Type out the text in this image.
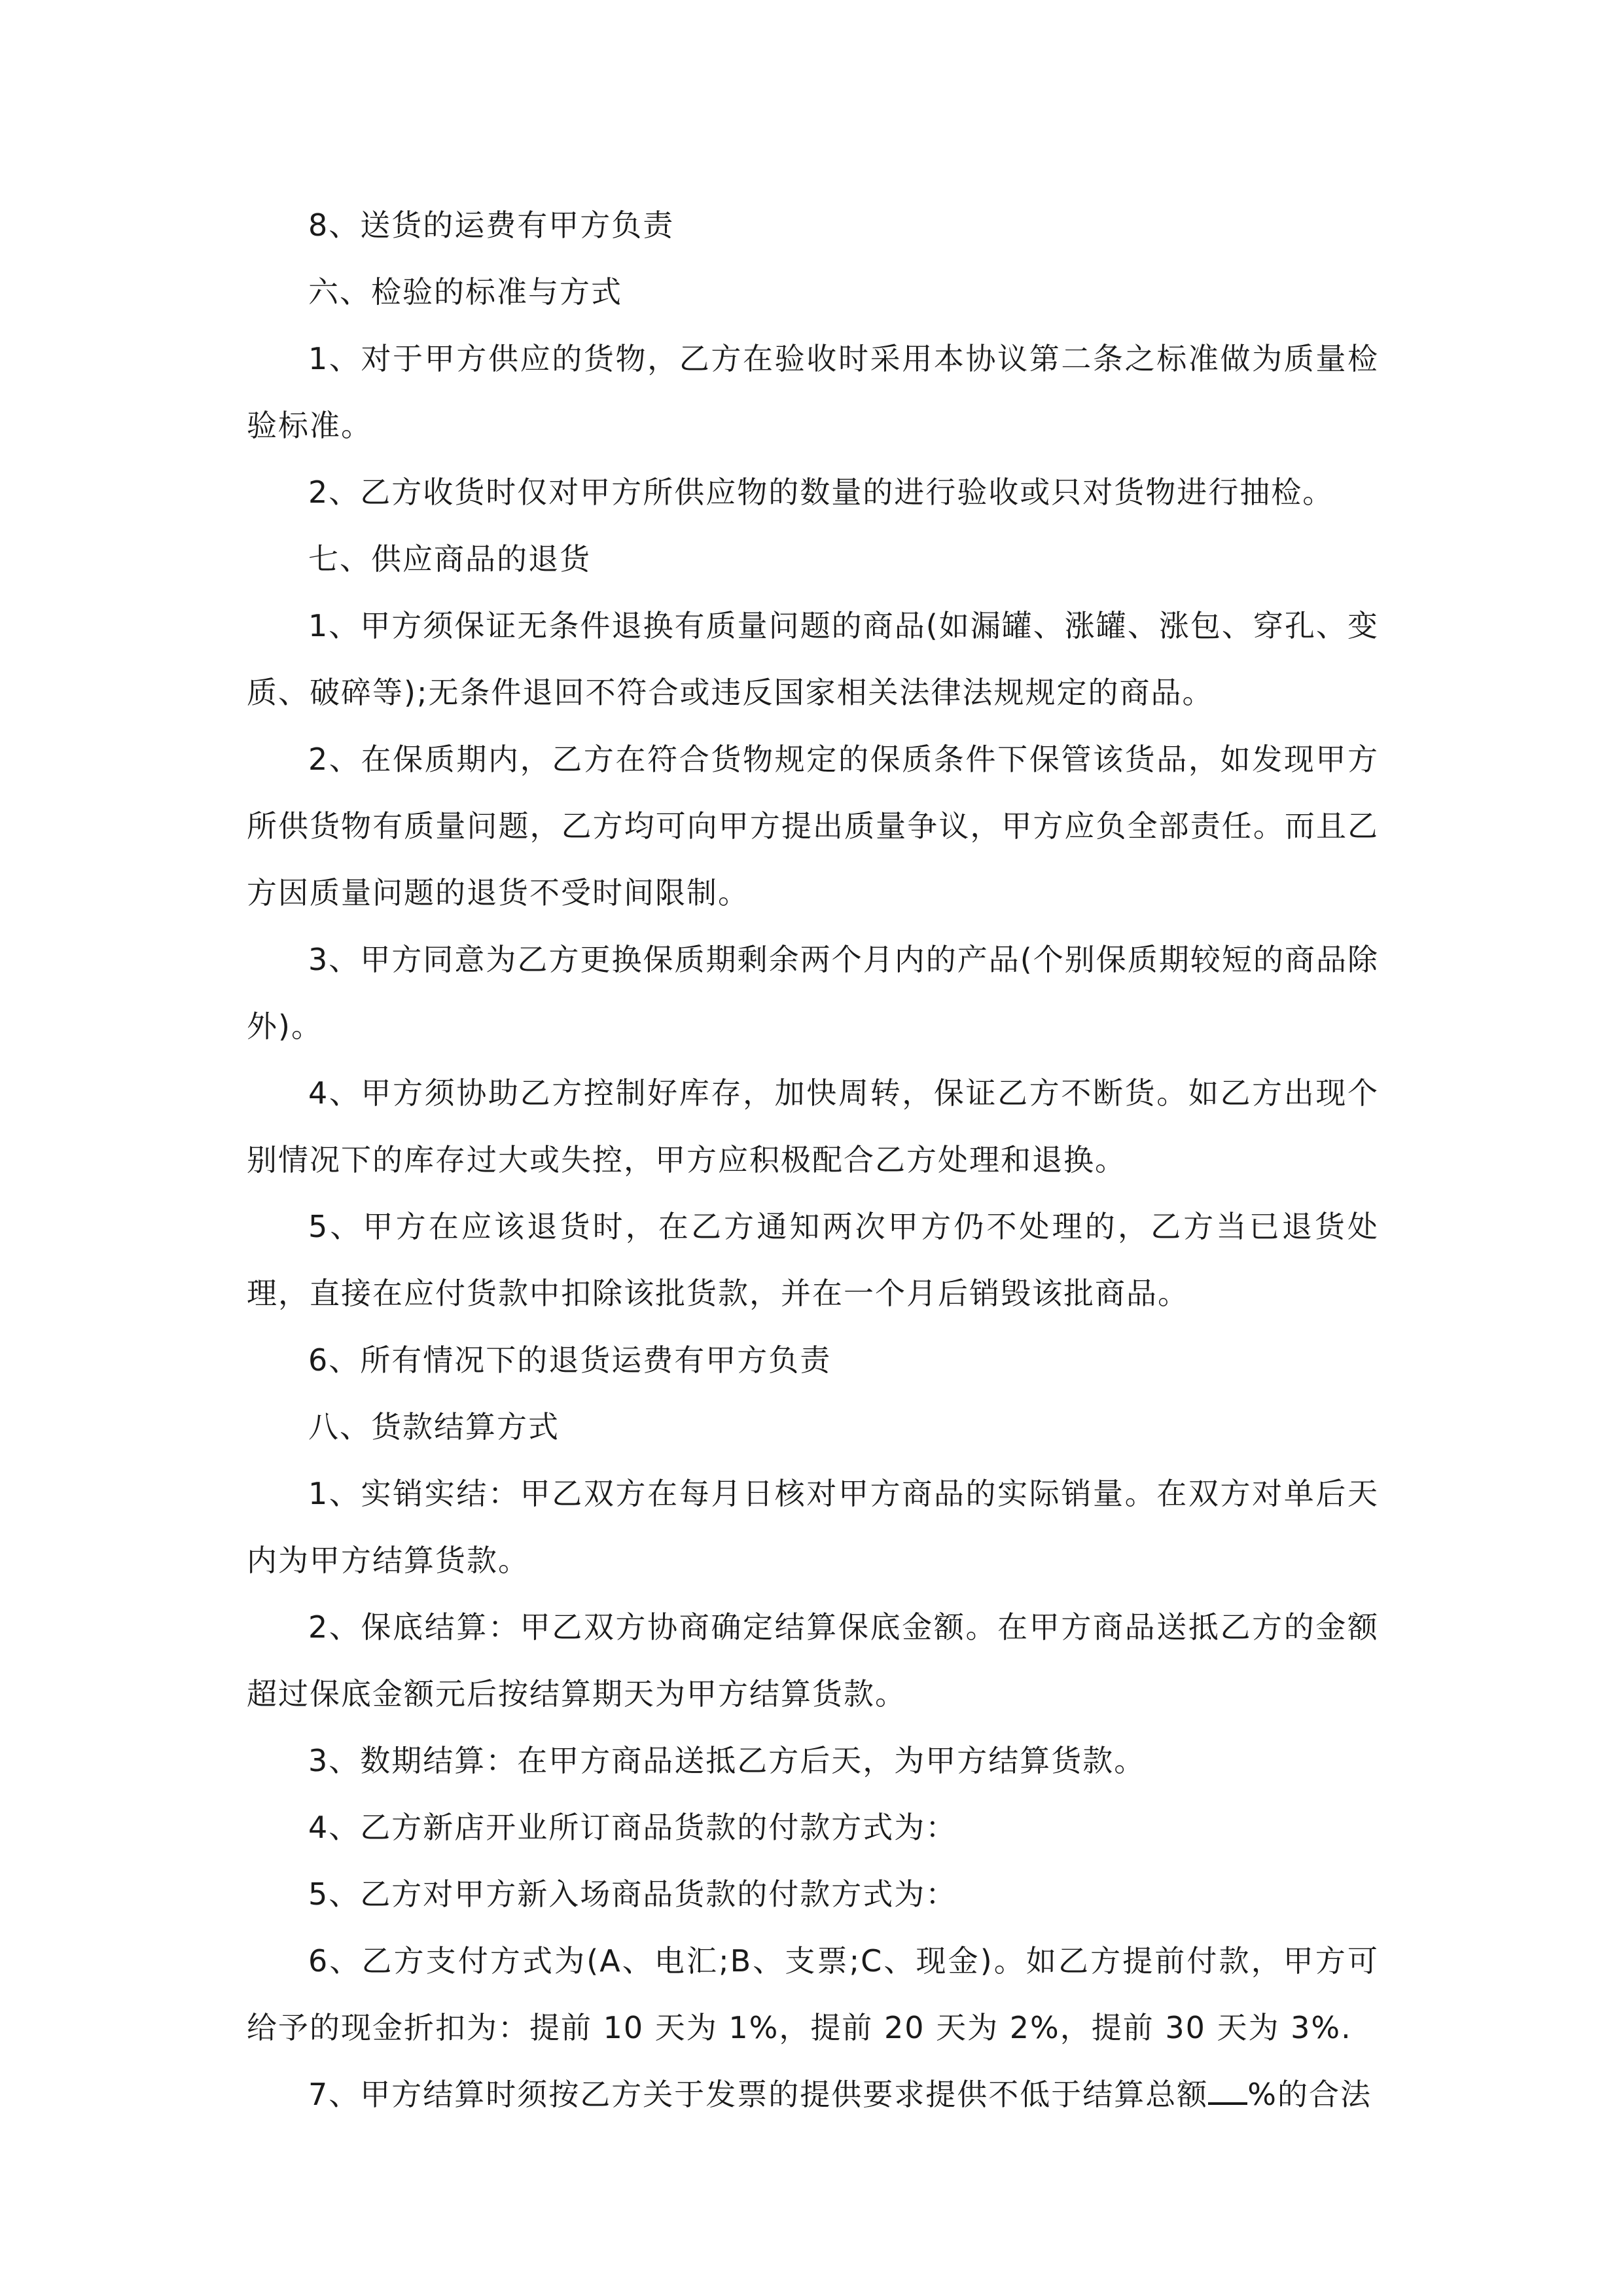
8、送货的运费有甲方负责

六、检验的标准与方式

1、对于甲方供应的货物，乙方在验收时采用本协议第二条之标准做为质量检验标准。

2、乙方收货时仅对甲方所供应物的数量的进行验收或只对货物进行抽检。

七、供应商品的退货

1、甲方须保证无条件退换有质量问题的商品(如漏罐、涨罐、涨包、穿孔、变质、破碎等);无条件退回不符合或违反国家相关法律法规规定的商品。

2、在保质期内，乙方在符合货物规定的保质条件下保管该货品，如发现甲方所供货物有质量问题，乙方均可向甲方提出质量争议，甲方应负全部责任。而且乙方因质量问题的退货不受时间限制。

3、甲方同意为乙方更换保质期剩余两个月内的产品(个别保质期较短的商品除外)。

4、甲方须协助乙方控制好库存，加快周转，保证乙方不断货。如乙方出现个别情况下的库存过大或失控，甲方应积极配合乙方处理和退换。

5、甲方在应该退货时，在乙方通知两次甲方仍不处理的，乙方当已退货处理，直接在应付货款中扣除该批货款，并在一个月后销毁该批商品。

6、所有情况下的退货运费有甲方负责

八、货款结算方式

1、实销实结：甲乙双方在每月日核对甲方商品的实际销量。在双方对单后天内为甲方结算货款。

2、保底结算：甲乙双方协商确定结算保底金额。在甲方商品送抵乙方的金额超过保底金额元后按结算期天为甲方结算货款。

3、数期结算：在甲方商品送抵乙方后天，为甲方结算货款。

4、乙方新店开业所订商品货款的付款方式为：

5、乙方对甲方新入场商品货款的付款方式为：

6、乙方支付方式为(A、电汇;B、支票;C、现金)。如乙方提前付款，甲方可给予的现金折扣为：提前 10 天为 1%，提前 20 天为 2%，提前 30 天为 3%.

7、甲方结算时须按乙方关于发票的提供要求提供不低于结算总额 %的合法
